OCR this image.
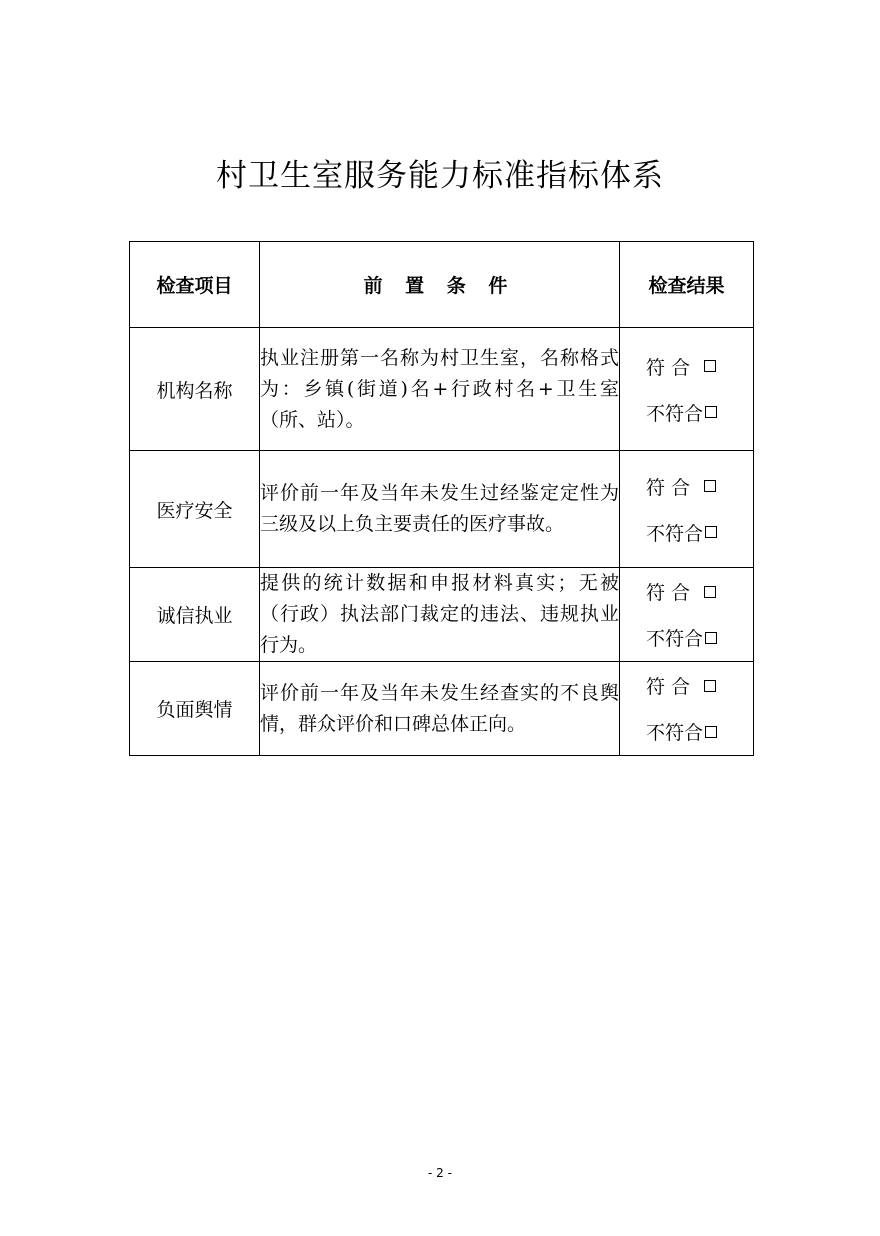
村卫生室服务能力标准指标体系
检查项目	前 置 条 件	检查结果
机构名称	执业注册第一名称为村卫生室，名称格式为：乡镇(街道)名+行政村名+卫生室（所、站）。	符 合
不符合

医疗安全	评价前一年及当年未发生过经鉴定定性为三级及以上负主要责任的医疗事故。	符 合
不符合

诚信执业	提供的统计数据和申报材料真实；无被（行政）执法部门裁定的违法、违规执业行为。	符 合
不符合

负面舆情	评价前一年及当年未发生经查实的不良舆情，群众评价和口碑总体正向。	符 合
不符合
- 2 -
